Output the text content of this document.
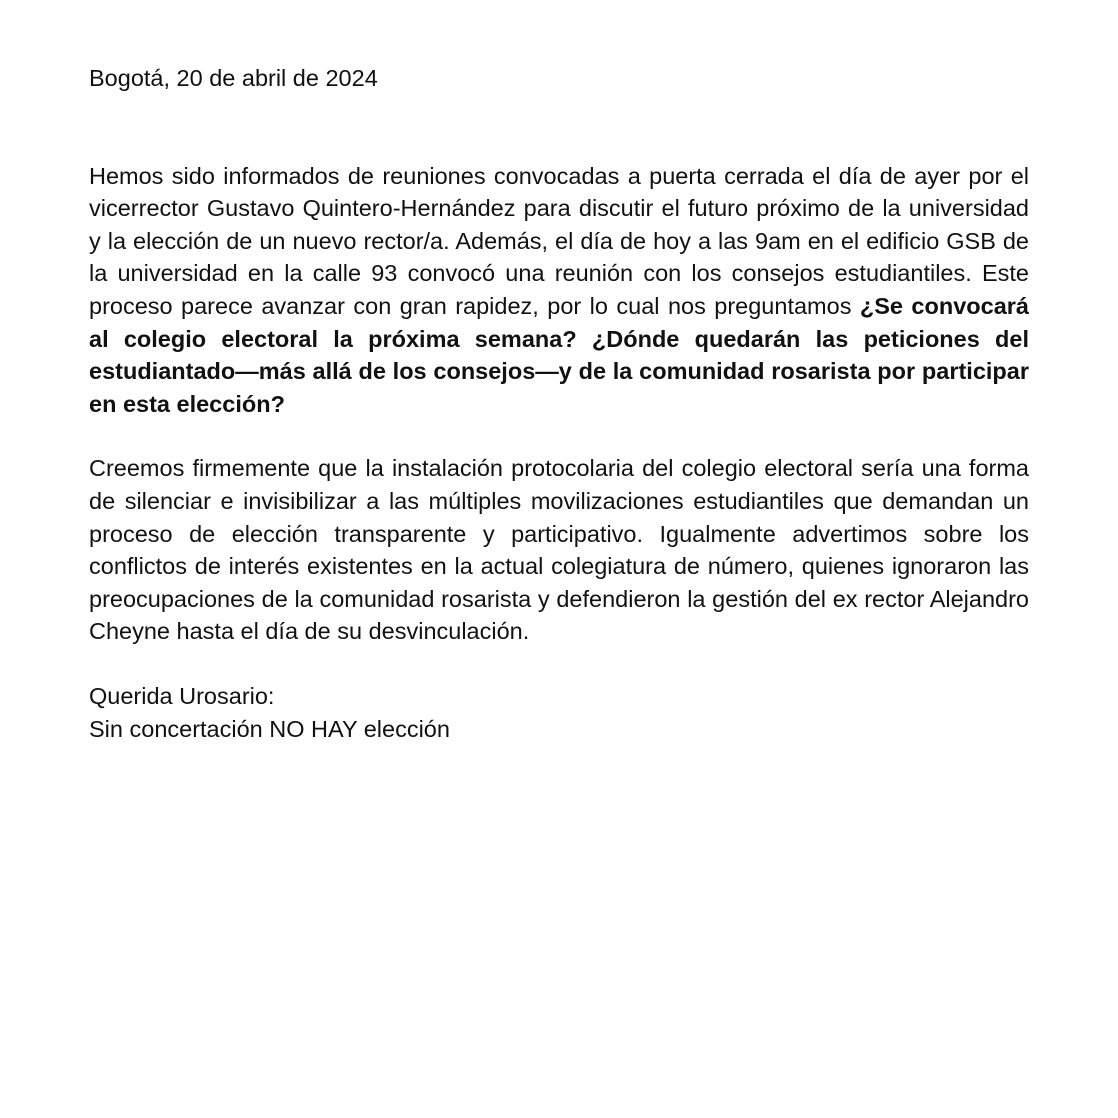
Bogotá, 20 de abril de 2024

Hemos sido informados de reuniones convocadas a puerta cerrada el día de ayer por el vicerrector Gustavo Quintero-Hernández para discutir el futuro próximo de la universidad y la elección de un nuevo rector/a. Además, el día de hoy a las 9am en el edificio GSB de la universidad en la calle 93 convocó una reunión con los consejos estudiantiles. Este proceso parece avanzar con gran rapidez, por lo cual nos preguntamos ¿Se convocará al colegio electoral la próxima semana? ¿Dónde quedarán las peticiones del estudiantado—más allá de los consejos—y de la comunidad rosarista por participar en esta elección?

Creemos firmemente que la instalación protocolaria del colegio electoral sería una forma de silenciar e invisibilizar a las múltiples movilizaciones estudiantiles que demandan un proceso de elección transparente y participativo. Igualmente advertimos sobre los conflictos de interés existentes en la actual colegiatura de número, quienes ignoraron las preocupaciones de la comunidad rosarista y defendieron la gestión del ex rector Alejandro Cheyne hasta el día de su desvinculación.

Querida Urosario:

Sin concertación NO HAY elección
